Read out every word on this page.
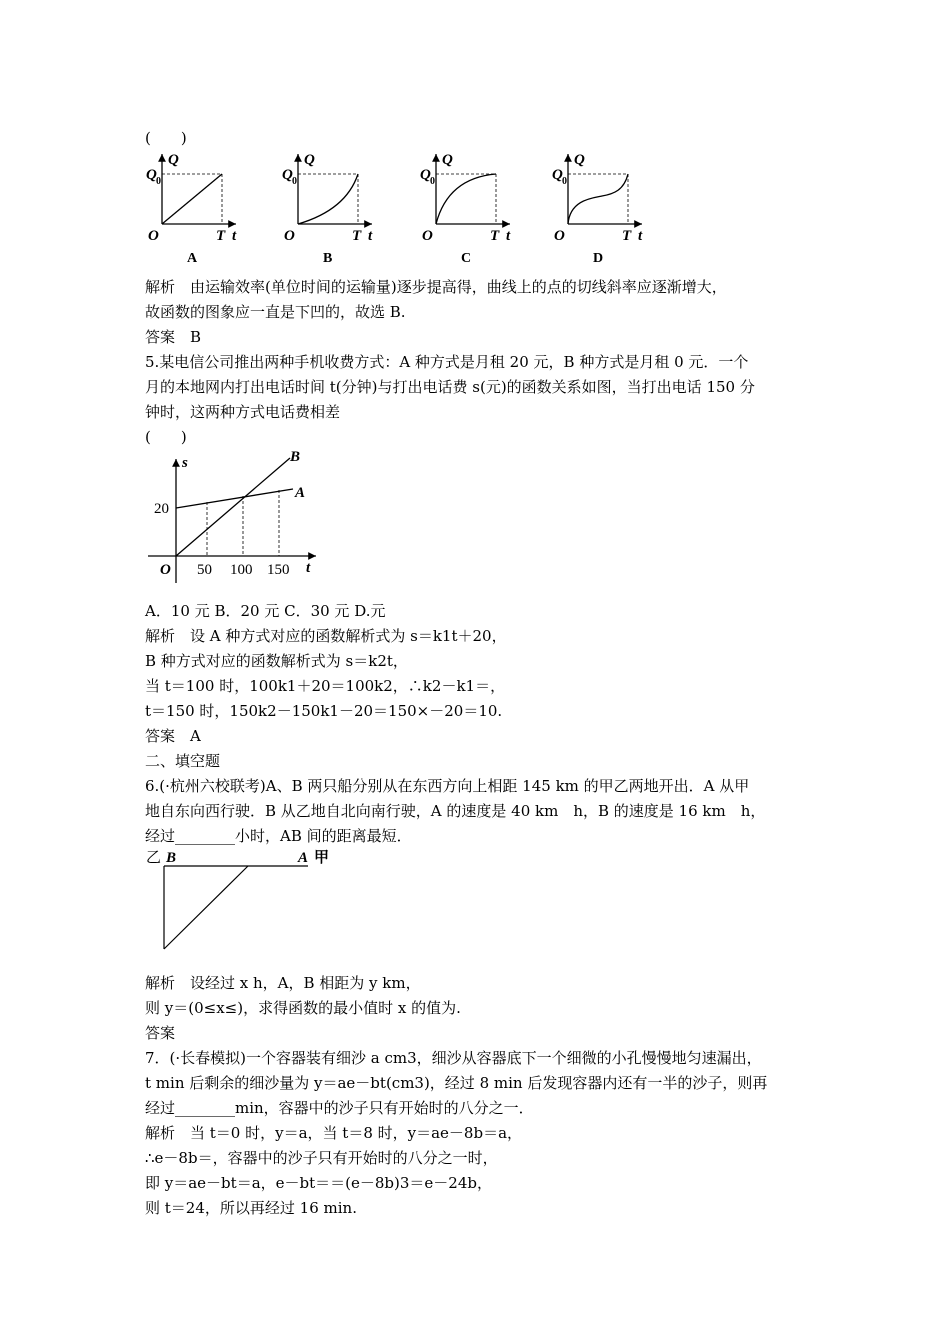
(　　)
Q
Q 0
O	T t
A
Q
Q 0
O	T t
B
Q
Q 0
O	T t
C
Q
Q 0
O	T t
D
解析　由运输效率(单位时间的运输量)逐步提高得，曲线上的点的切线斜率应逐渐增大，
故函数的图象应一直是下凹的，故选 B.
答案　B
5.某电信公司推出两种手机收费方式：A 种方式是月租 20 元，B 种方式是月租 0 元．一个
月的本地网内打出电话时间 t(分钟)与打出电话费 s(元)的函数关系如图，当打出电话 150 分
钟时，这两种方式电话费相差
(　　)
s	B
A
20
O 50 100 150 t
A．10 元 B．20 元 C．30 元 D.元
解析　设 A 种方式对应的函数解析式为 s＝k1t＋20，
B 种方式对应的函数解析式为 s＝k2t，
当 t＝100 时，100k1＋20＝100k2，∴k2－k1＝，
t＝150 时，150k2－150k1－20＝150×－20＝10.
答案　A
二、填空题
6.(·杭州六校联考)A、B 两只船分别从在东西方向上相距 145 km 的甲乙两地开出．A 从甲
地自东向西行驶．B 从乙地自北向南行驶，A 的速度是 40 km　h，B 的速度是 16 km　h，
经过________小时，AB 间的距离最短．
乙 B	A 甲
解析　设经过 x h，A，B 相距为 y km，
则 y＝(0≤x≤)，求得函数的最小值时 x 的值为.
答案
7．(·长春模拟)一个容器装有细沙 a cm3，细沙从容器底下一个细微的小孔慢慢地匀速漏出，
t min 后剩余的细沙量为 y＝ae－bt(cm3)，经过 8 min 后发现容器内还有一半的沙子，则再
经过________min，容器中的沙子只有开始时的八分之一．
解析　当 t＝0 时，y＝a，当 t＝8 时，y＝ae－8b＝a，
∴e－8b＝，容器中的沙子只有开始时的八分之一时，
即 y＝ae－bt＝a，e－bt＝＝(e－8b)3＝e－24b，
则 t＝24，所以再经过 16 min.
